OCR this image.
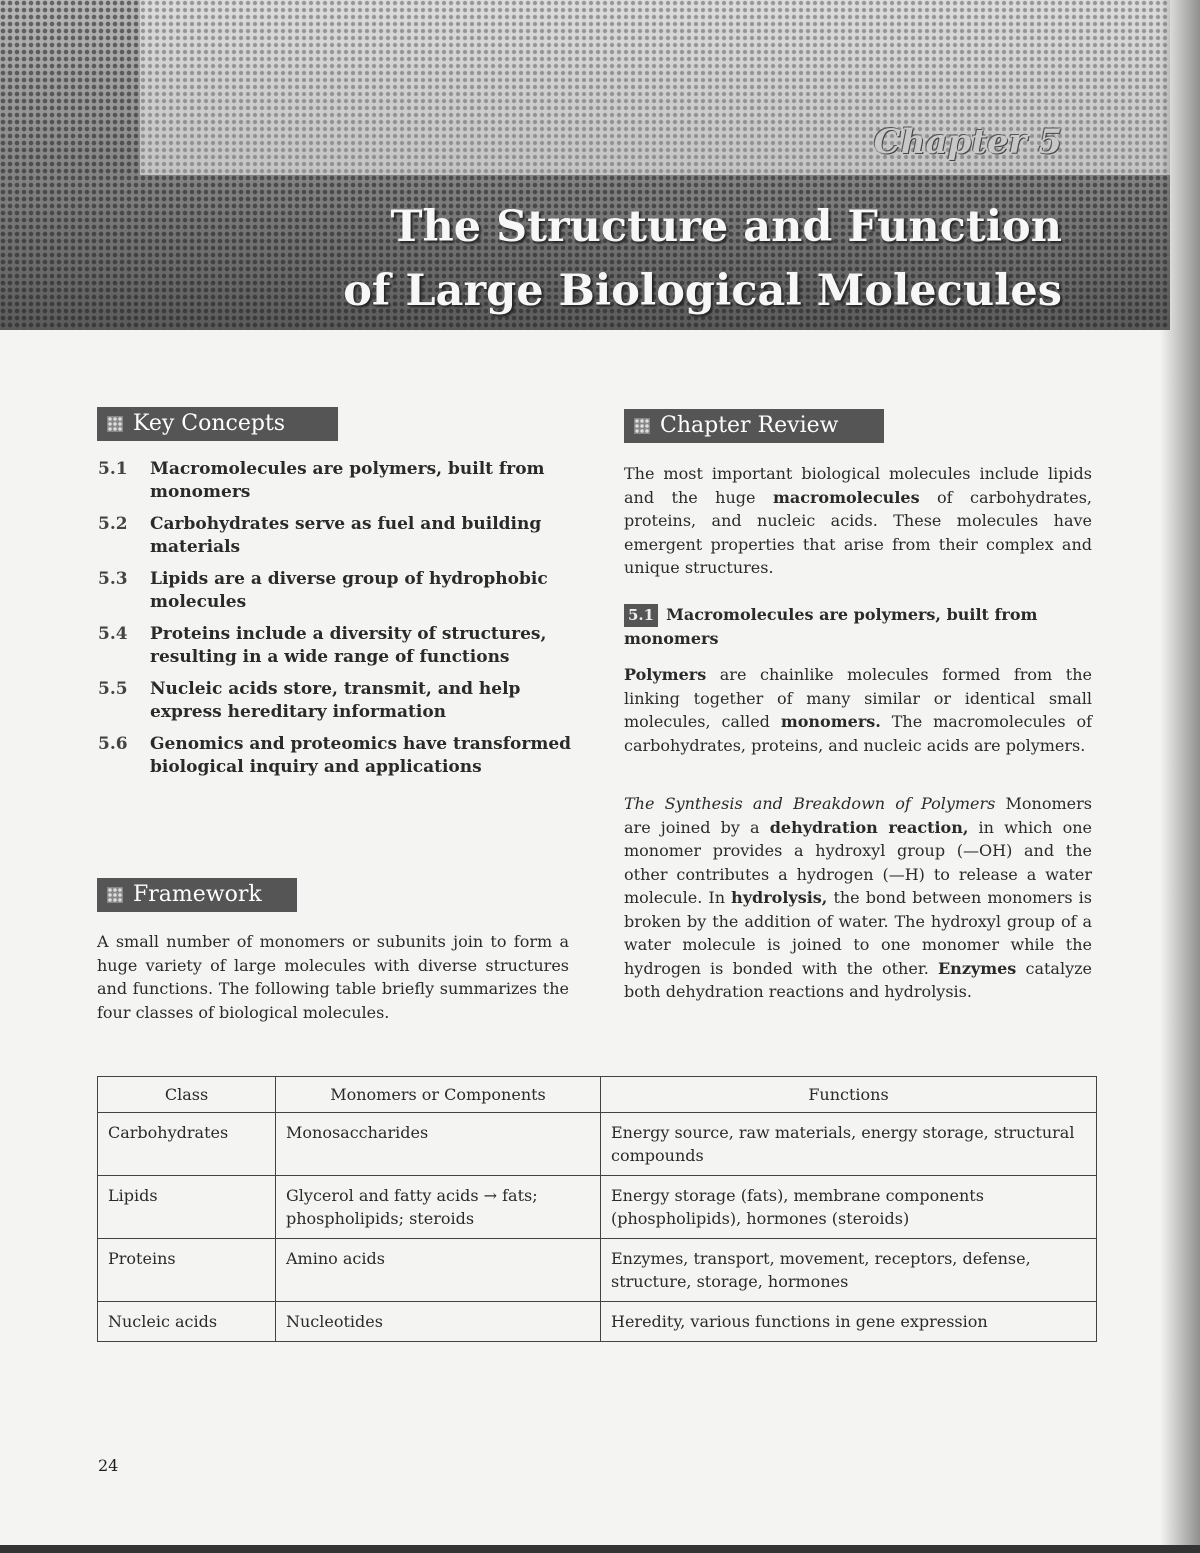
Chapter 5
The Structure and Function
of Large Biological Molecules
Key Concepts
5.1	Macromolecules are polymers, built from monomers
5.2	Carbohydrates serve as fuel and building materials
5.3	Lipids are a diverse group of hydrophobic molecules
5.4	Proteins include a diversity of structures, resulting in a wide range of functions
5.5	Nucleic acids store, transmit, and help express hereditary information
5.6	Genomics and proteomics have transformed biological inquiry and applications
Framework

A small number of monomers or subunits join to form a huge variety of large molecules with diverse structures and functions. The following table briefly summarizes the four classes of biological molecules.

Chapter Review

The most important biological molecules include lipids and the huge macromolecules of carbohydrates, proteins, and nucleic acids. These molecules have emergent properties that arise from their complex and unique structures.

5.1 Macromolecules are polymers, built from monomers

Polymers are chainlike molecules formed from the linking together of many similar or identical small molecules, called monomers. The macromolecules of carbohydrates, proteins, and nucleic acids are polymers.

The Synthesis and Breakdown of Polymers Monomers are joined by a dehydration reaction, in which one monomer provides a hydroxyl group (—OH) and the other contributes a hydrogen (—H) to release a water molecule. In hydrolysis, the bond between monomers is broken by the addition of water. The hydroxyl group of a water molecule is joined to one monomer while the hydrogen is bonded with the other. Enzymes catalyze both dehydration reactions and hydrolysis.

Class	Monomers or Components	Functions
Carbohydrates	Monosaccharides	Energy source, raw materials, energy storage, structural compounds
Lipids	Glycerol and fatty acids → fats; phospholipids; steroids	Energy storage (fats), membrane components (phospholipids), hormones (steroids)
Proteins	Amino acids	Enzymes, transport, movement, receptors, defense, structure, storage, hormones
Nucleic acids	Nucleotides	Heredity, various functions in gene expression
24
